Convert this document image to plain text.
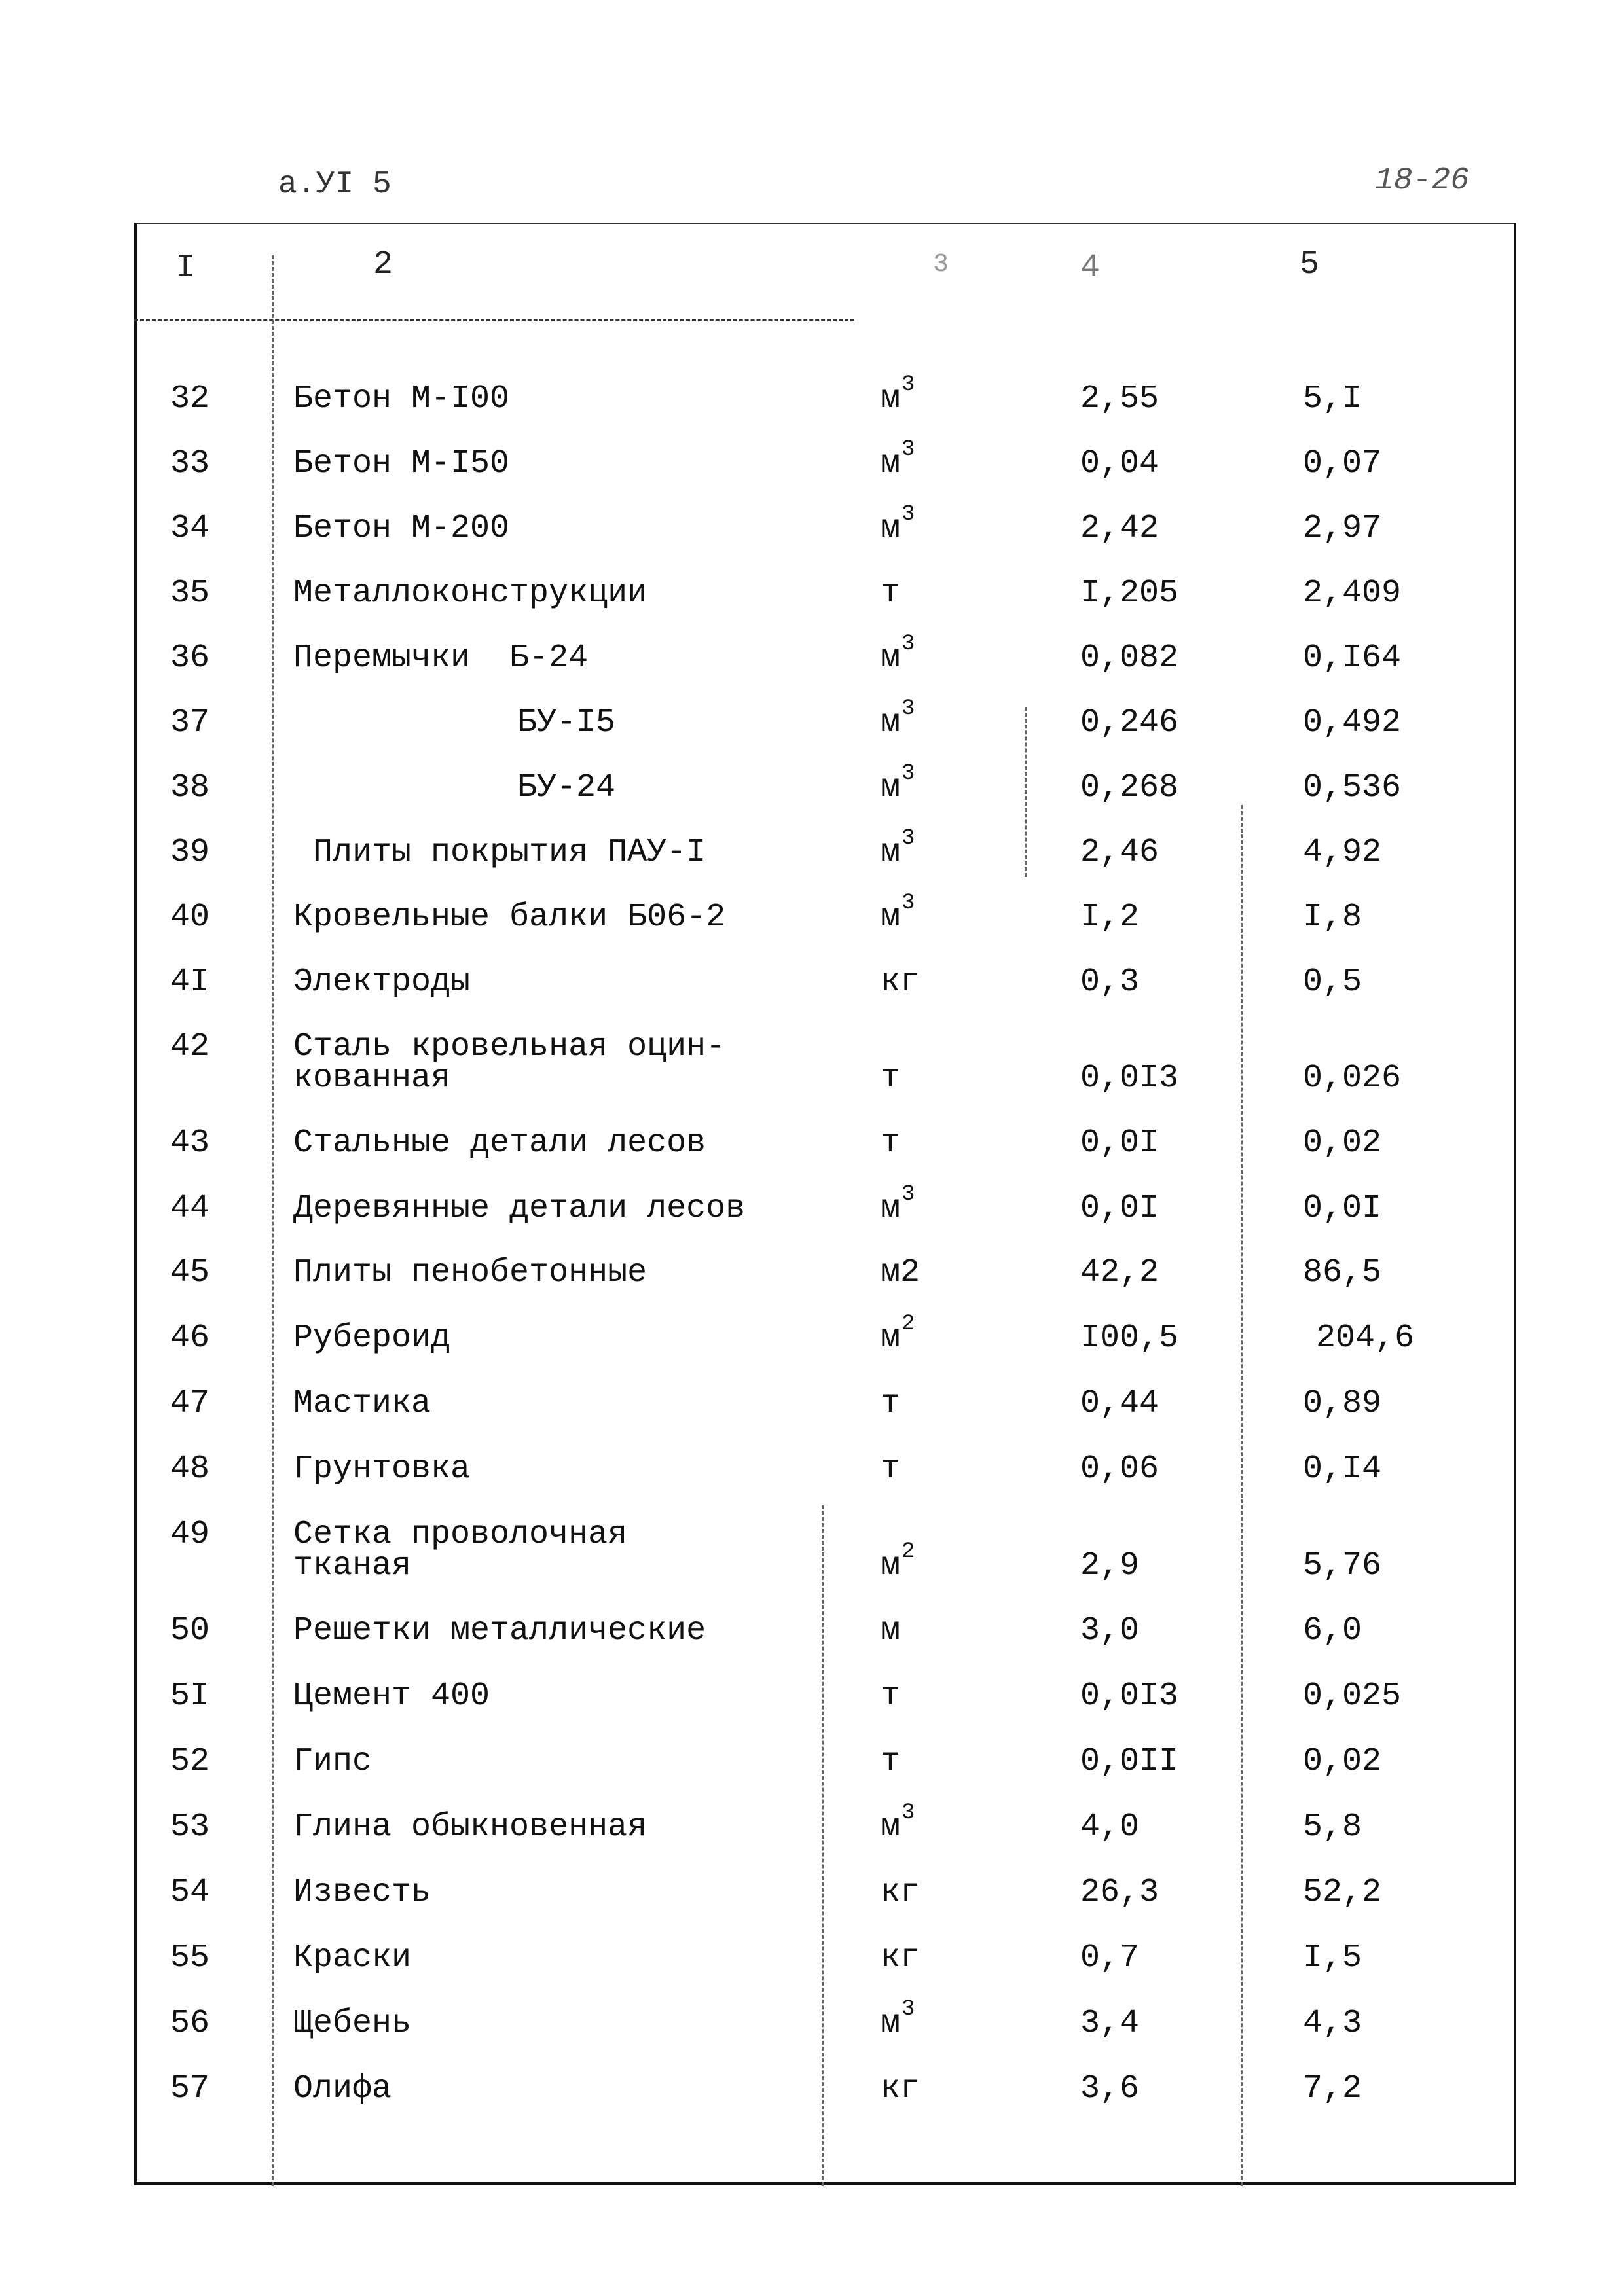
а.УI 5	18-26
I	2	3	4	5
32	Бетон М-I00	$м^3$	2,55	5,I
33	Бетон М-I50	$м^3$	0,04	0,07
34	Бетон М-200	$м^3$	2,42	2,97
35	Металлоконструкции	т	I,205	2,409
36	Перемычки  Б-24	$м^3$	0,082	0,I64
37	БУ-I5	$м^3$	0,246	0,492
38	БУ-24	$м^3$	0,268	0,536
39	Плиты покрытия ПАУ-I	$м^3$	2,46	4,92
40	Кровельные балки Б06-2	$м^3$	I,2	I,8
4I	Электроды	кг	0,3	0,5
42	Сталь кровельная оцин-
кованная	т	0,0I3	0,026
43	Стальные детали лесов	т	0,0I	0,02
44	Деревянные детали лесов	$м^3$	0,0I	0,0I
45	Плиты пенобетонные	м2	42,2	86,5
46	Рубероид	$м^2$	I00,5	204,6
47	Мастика	т	0,44	0,89
48	Грунтовка	т	0,06	0,I4
49	Сетка проволочная
тканая	$м^2$	2,9	5,76
50	Решетки металлические	м	3,0	6,0
5I	Цемент 400	т	0,0I3	0,025
52	Гипс	т	0,0II	0,02
53	Глина обыкновенная	$м^3$	4,0	5,8
54	Известь	кг	26,3	52,2
55	Краски	кг	0,7	I,5
56	Щебень	$м^3$	3,4	4,3
57	Олифа	кг	3,6	7,2
